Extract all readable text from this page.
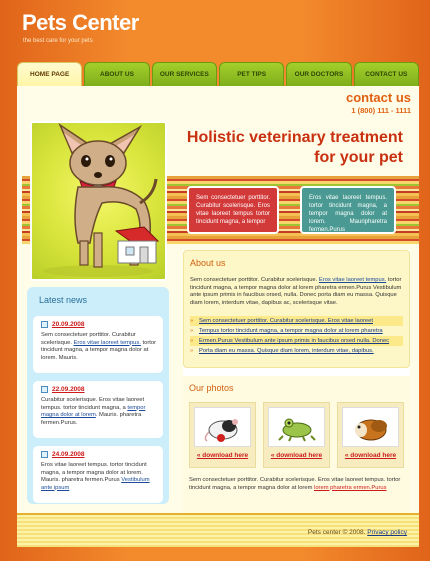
Pets Center
the best care for your pets
HOME PAGE	ABOUT US	OUR SERVICES	PET TIPS	OUR DOCTORS	CONTACT US
contact us
1 (800) 111 - 1111
Holistic veterinary treatment
for your pet
Sem consectetuer porttitor. Curabitur scelerisque. Eros vitae laoreet tempus tortor tincidunt magna, a tempor
Eros vitae laoreet tempus. tortor tincidunt magna, a tempor magna dolor at lorem. Mauripharetra fermen.Purus
Latest news
20.09.2008
Sem consectetuer porttitor. Curabitur scelerisque. Eros vitae laoreet tempus. tortor tincidunt magna, a tempor magna dolor at lorem. Mauris.
22.09.2008
Curabitur scelerisque. Eros vitae laoreet tempus. tortor tincidunt magna, a tempor magna dolor at lorem. Mauris. pharetra fermen.Purus.
24.09.2008
Eros vitae laoreet tempus. tortor tincidunt magna, a tempor magna dolor at lorem. Mauris. pharetra fermen.Purus Vestibulum ante ipsum
About us
Sem consectetuer porttitor. Curabitur scelerisque. Eros vitae laoreet tempus. tortor tincidunt magna, a tempor magna dolor at lorem pharetra ermen.Purus Vestibulum ante ipsum primis in faucibus orsed, nulla. Donec porta diam eu massa. Quisque diam lorem, interdum vitae, dapibus ac, scelerisque vitae.
» Sem consectetuer porttitor. Curabitur scelerisque. Eros vitae laoreet
» Tempus tortor tincidunt magna, a tempor magna dolor at lorem pharetra
» Ermen.Purus Vestibulum ante ipsum primis in faucibus orsed nulla. Donec
» Porta diam eu massa. Quisque diam lorem, interdum vitae, dapibus.
Our photos
« download here	« download here	« download here
Sem consectetuer porttitor. Curabitur scelerisque. Eros vitae laoreet tempus. tortor tincidunt magna, a tempor magna dolor at lorem lorem pharetra ermen.Purus
Pets center © 2008. Privacy policy
